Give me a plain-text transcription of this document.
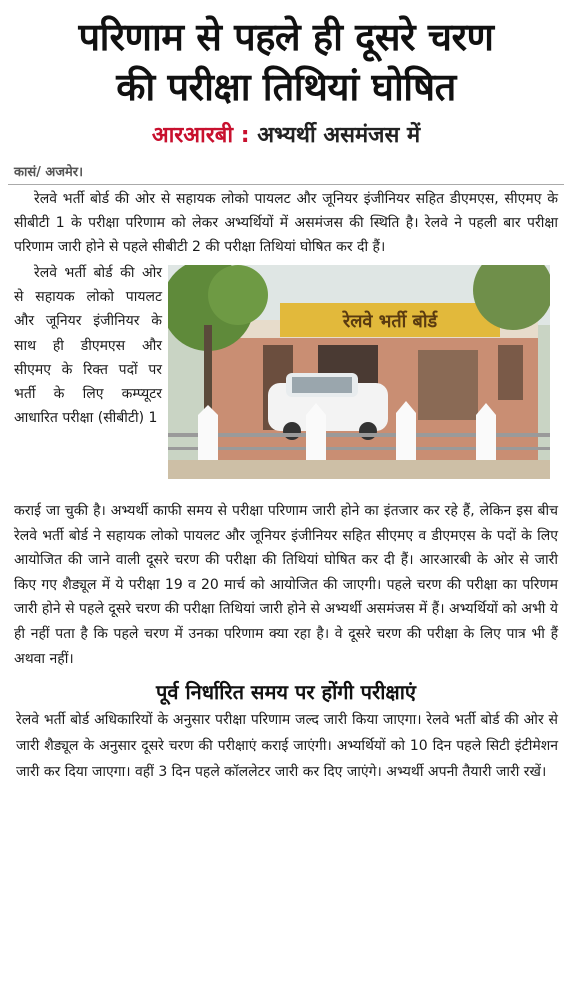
परिणाम से पहले ही दूसरे चरण
की परीक्षा तिथियां घोषित
आरआरबी : अभ्यर्थी असमंजस में
कासं/ अजमेर।
रेलवे भर्ती बोर्ड की ओर से सहायक लोको पायलट और जूनियर इंजीनियर सहित डीएमएस, सीएमए के सीबीटी 1 के परीक्षा परिणाम को लेकर अभ्यर्थियों में असमंजस की स्थिति है। रेलवे ने पहली बार परीक्षा परिणाम जारी होने से पहले सीबीटी 2 की परीक्षा तिथियां घोषित कर दी हैं।
रेलवे भर्ती बोर्ड की ओर से सहायक लोको पायलट और जूनियर इंजीनियर के साथ ही डीएमएस और सीएमए के रिक्त पदों पर भर्ती के लिए कम्प्यूटर आधारित परीक्षा (सीबीटी) 1
रेलवे भर्ती बोर्ड
कराई जा चुकी है। अभ्यर्थी काफी समय से परीक्षा परिणाम जारी होने का इंतजार कर रहे हैं, लेकिन इस बीच रेलवे भर्ती बोर्ड ने सहायक लोको पायलट और जूनियर इंजीनियर सहित सीएमए व डीएमएस के पदों के लिए आयोजित की जाने वाली दूसरे चरण की परीक्षा की तिथियां घोषित कर दी हैं। आरआरबी के ओर से जारी किए गए शैड्यूल में ये परीक्षा 19 व 20 मार्च को आयोजित की जाएगी। पहले चरण की परीक्षा का परिणम जारी होने से पहले दूसरे चरण की परीक्षा तिथियां जारी होने से अभ्यर्थी असमंजस में हैं। अभ्यर्थियों को अभी ये ही नहीं पता है कि पहले चरण में उनका परिणाम क्या रहा है। वे दूसरे चरण की परीक्षा के लिए पात्र भी हैं अथवा नहीं।
पूर्व निर्धारित समय पर होंगी परीक्षाएं
रेलवे भर्ती बोर्ड अधिकारियों के अनुसार परीक्षा परिणाम जल्द जारी किया जाएगा। रेलवे भर्ती बोर्ड की ओर से जारी शैड्यूल के अनुसार दूसरे चरण की परीक्षाएं कराई जाएंगी। अभ्यर्थियों को 10 दिन पहले सिटी इंटीमेशन जारी कर दिया जाएगा। वहीं 3 दिन पहले कॉललेटर जारी कर दिए जाएंगे। अभ्यर्थी अपनी तैयारी जारी रखें।
